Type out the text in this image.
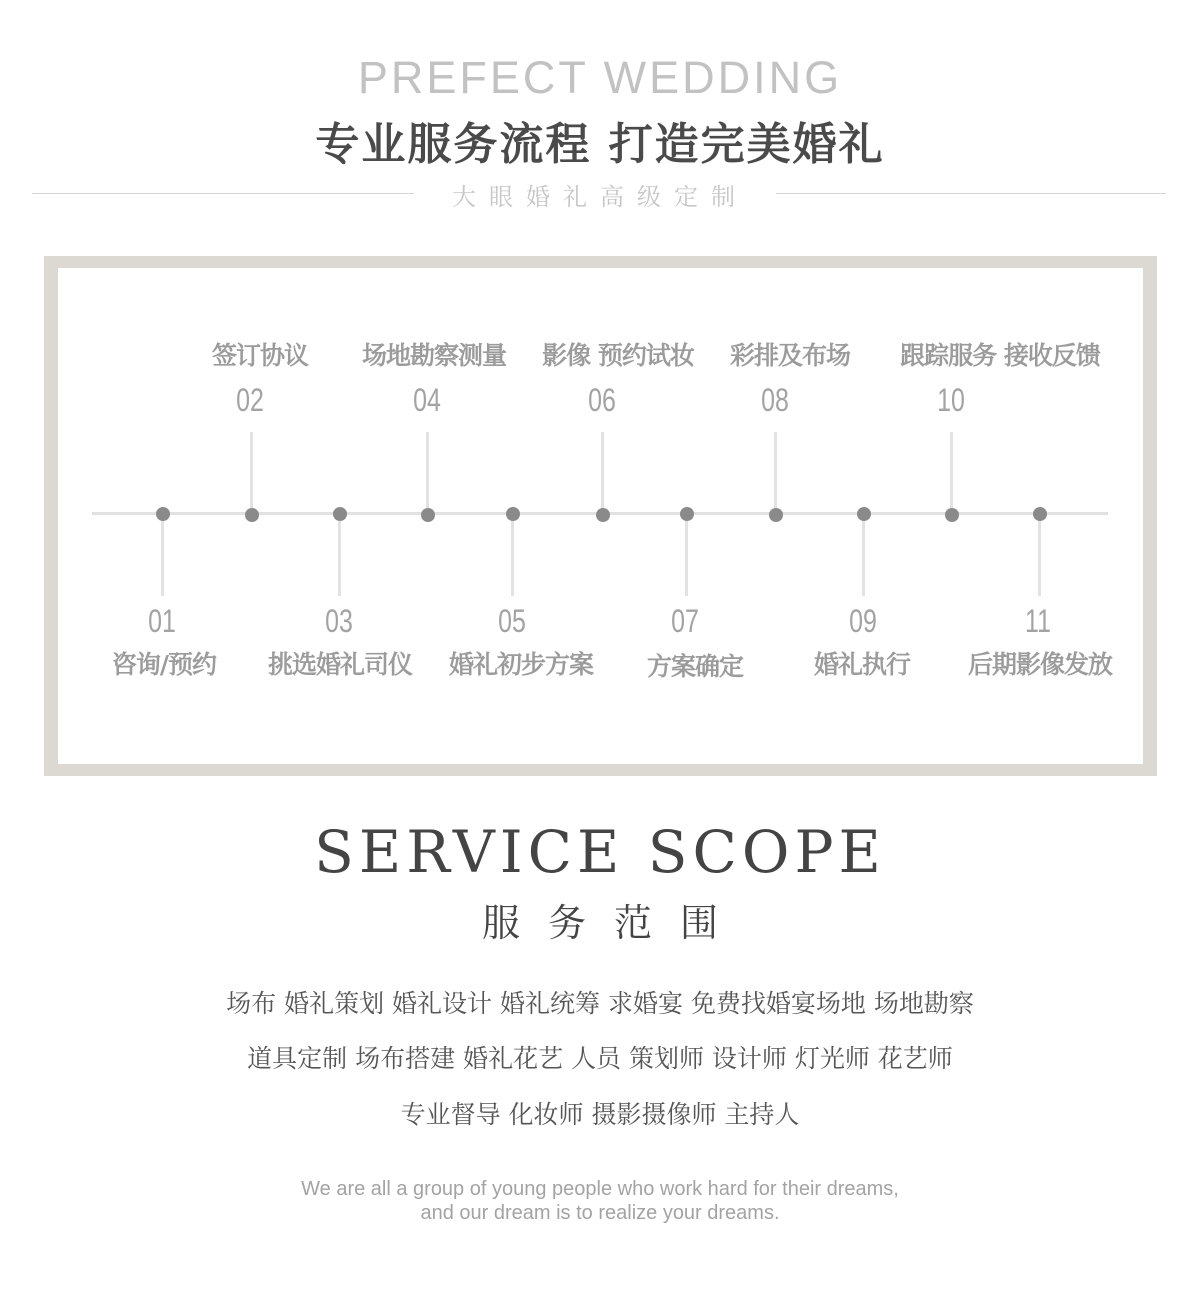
PREFECT WEDDING
专业服务流程 打造完美婚礼
大眼婚礼高级定制
01
咨询/预约
02
签订协议
03
挑选婚礼司仪
04
场地勘察测量
05
婚礼初步方案
06
影像 预约试妆
07
方案确定
08
彩排及布场
09
婚礼执行
10
跟踪服务 接收反馈
11
后期影像发放
SERVICE SCOPE
服务范围
场布 婚礼策划 婚礼设计 婚礼统筹 求婚宴 免费找婚宴场地 场地勘察
道具定制 场布搭建 婚礼花艺 人员 策划师 设计师 灯光师 花艺师
专业督导 化妆师 摄影摄像师 主持人
We are all a group of young people who work hard for their dreams,
and our dream is to realize your dreams.
